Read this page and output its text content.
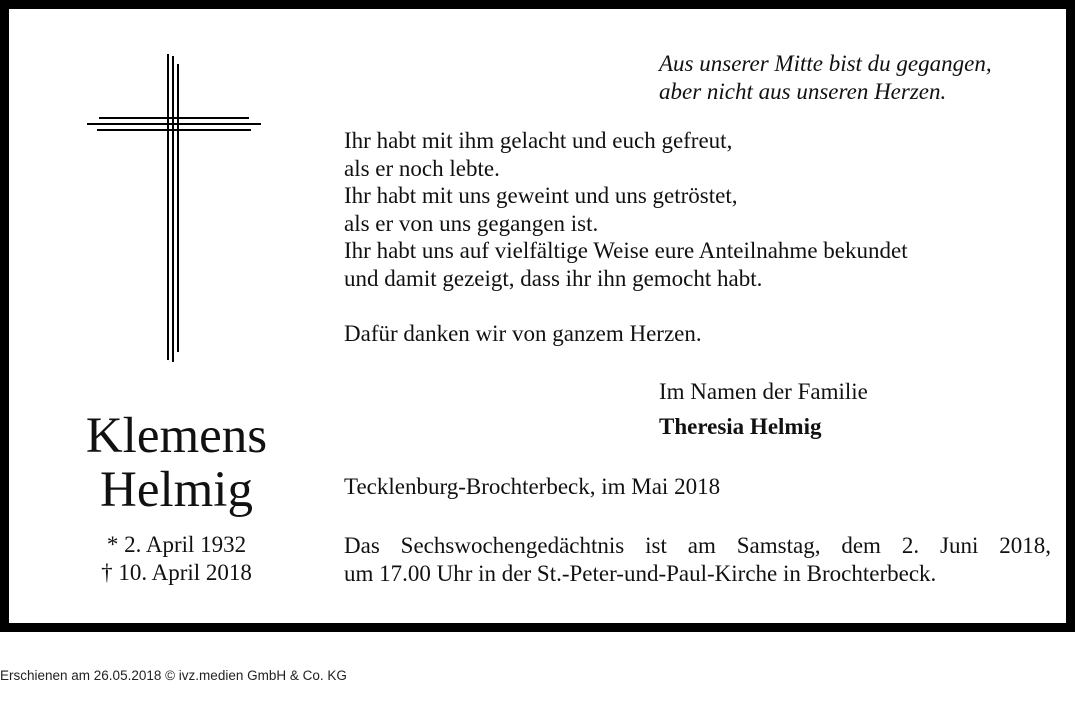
Klemens
Helmig
* 2. April 1932
† 10. April 2018
Aus unserer Mitte bist du gegangen,
aber nicht aus unseren Herzen.
Ihr habt mit ihm gelacht und euch gefreut,
als er noch lebte.
Ihr habt mit uns geweint und uns getröstet,
als er von uns gegangen ist.
Ihr habt uns auf vielfältige Weise eure Anteilnahme bekundet
und damit gezeigt, dass ihr ihn gemocht habt.
Dafür danken wir von ganzem Herzen.
Im Namen der Familie
Theresia Helmig
Tecklenburg-Brochterbeck, im Mai 2018
Das Sechswochengedächtnis ist am Samstag, dem 2. Juni 2018,
um 17.00 Uhr in der St.-Peter-und-Paul-Kirche in Brochterbeck.
Erschienen am 26.05.2018 © ivz.medien GmbH & Co. KG
